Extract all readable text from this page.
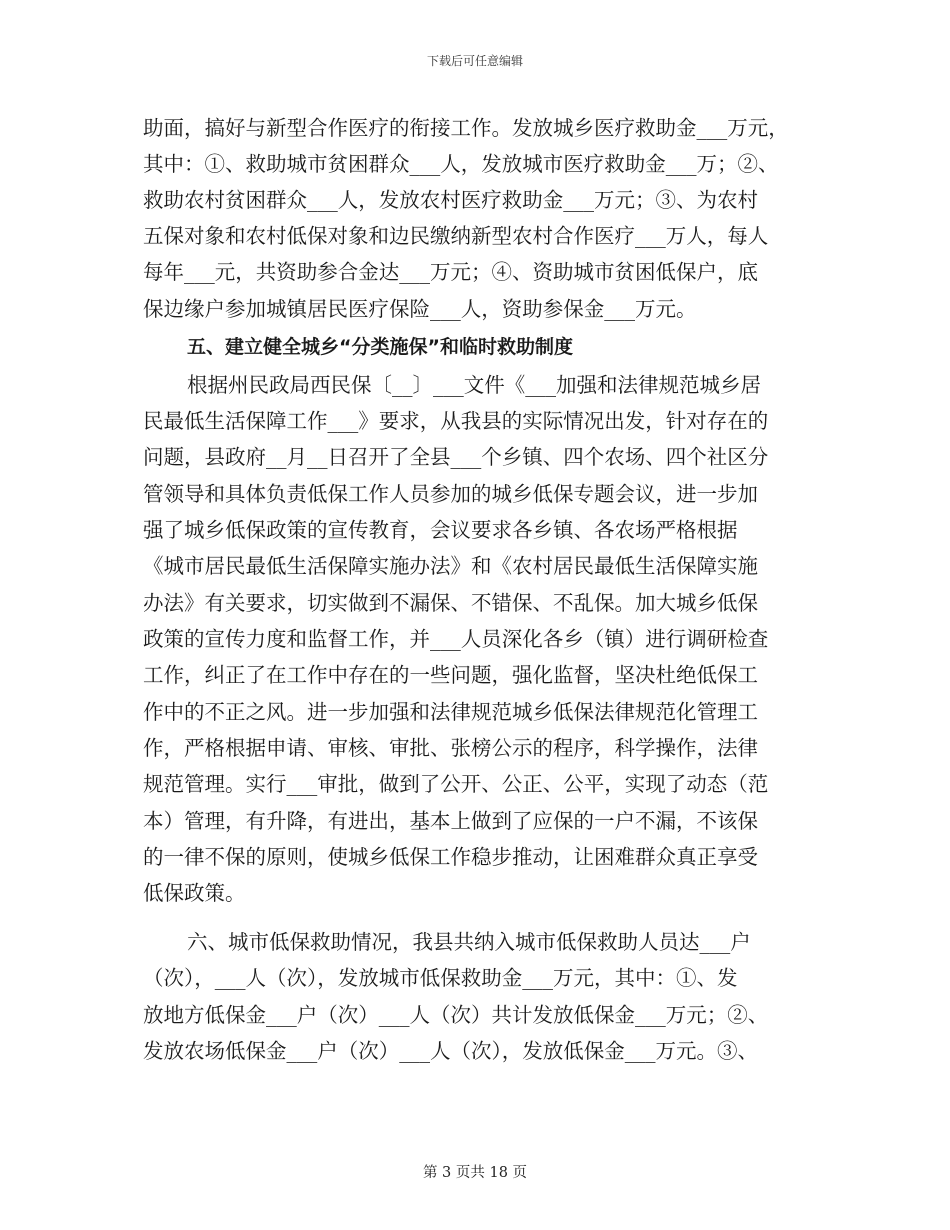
下载后可任意编辑
助面，搞好与新型合作医疗的衔接工作。发放城乡医疗救助金___万元，
其中：①、救助城市贫困群众___人，发放城市医疗救助金___万；②、
救助农村贫困群众___人，发放农村医疗救助金___万元；③、为农村
五保对象和农村低保对象和边民缴纳新型农村合作医疗___万人，每人
每年___元，共资助参合金达___万元；④、资助城市贫困低保户，底
保边缘户参加城镇居民医疗保险___人，资助参保金___万元。
五、建立健全城乡“分类施保”和临时救助制度
根据州民政局西民保〔__〕___文件《___加强和法律规范城乡居
民最低生活保障工作___》要求，从我县的实际情况出发，针对存在的
问题，县政府__月__日召开了全县___个乡镇、四个农场、四个社区分
管领导和具体负责低保工作人员参加的城乡低保专题会议，进一步加
强了城乡低保政策的宣传教育，会议要求各乡镇、各农场严格根据
《城市居民最低生活保障实施办法》和《农村居民最低生活保障实施
办法》有关要求，切实做到不漏保、不错保、不乱保。加大城乡低保
政策的宣传力度和监督工作，并___人员深化各乡（镇）进行调研检查
工作，纠正了在工作中存在的一些问题，强化监督，坚决杜绝低保工
作中的不正之风。进一步加强和法律规范城乡低保法律规范化管理工
作，严格根据申请、审核、审批、张榜公示的程序，科学操作，法律
规范管理。实行___审批，做到了公开、公正、公平，实现了动态（范
本）管理，有升降，有进出，基本上做到了应保的一户不漏，不该保
的一律不保的原则，使城乡低保工作稳步推动，让困难群众真正享受
低保政策。
六、城市低保救助情况，我县共纳入城市低保救助人员达___户
（次），___人（次），发放城市低保救助金___万元，其中：①、发
放地方低保金___户（次）___人（次）共计发放低保金___万元；②、
发放农场低保金___户（次）___人（次），发放低保金___万元。③、
第 3 页共 18 页
